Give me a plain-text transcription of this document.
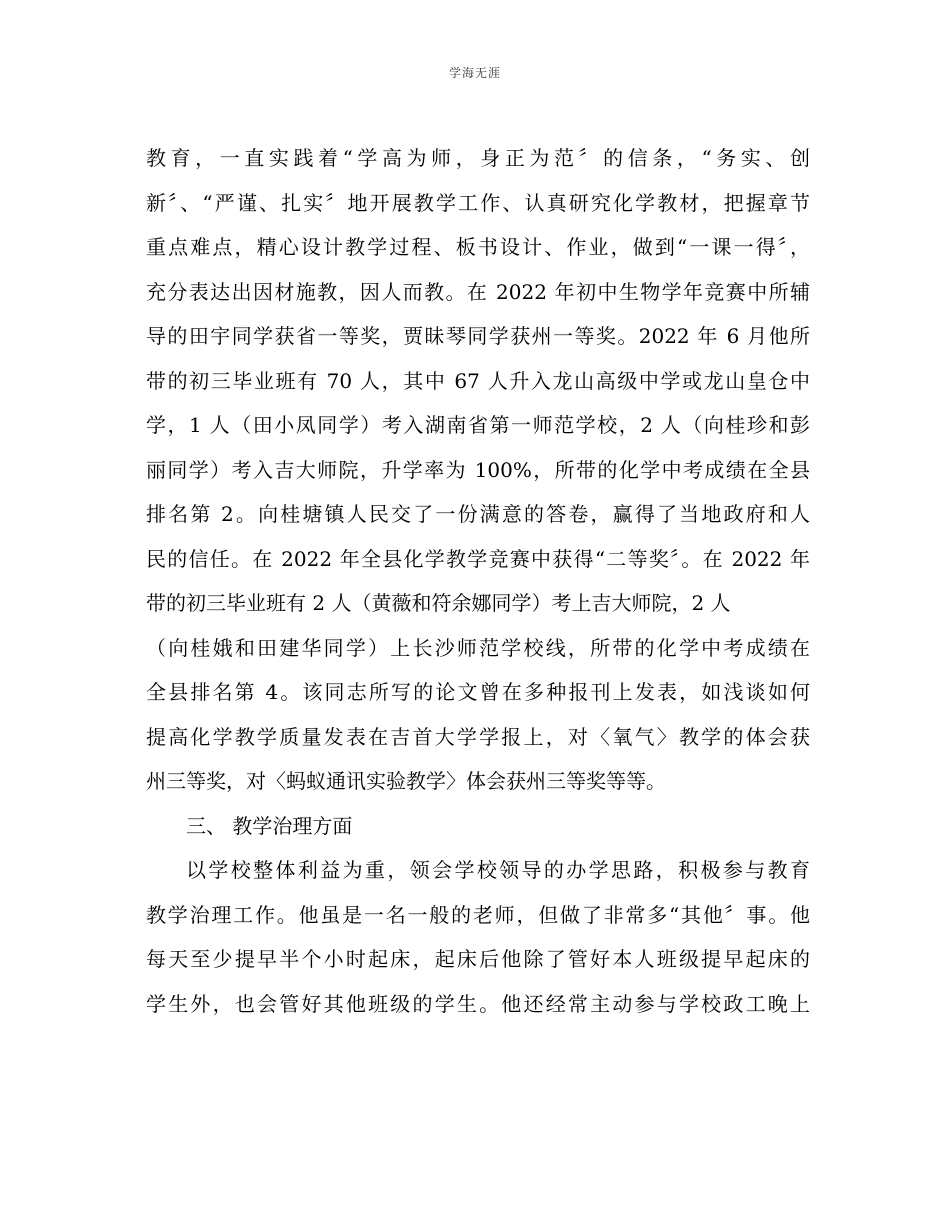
学海无涯
教育，一直实践着“学高为师，身正为范〞的信条，“务实、创
新〞、“严谨、扎实〞地开展教学工作、认真研究化学教材，把握章节
重点难点，精心设计教学过程、板书设计、作业，做到“一课一得〞，
充分表达出因材施教，因人而教。在 2022 年初中生物学年竞赛中所辅
导的田宇同学获省一等奖，贾昧琴同学获州一等奖。2022 年 6 月他所
带的初三毕业班有 70 人，其中 67 人升入龙山高级中学或龙山皇仓中
学，1 人（田小凤同学）考入湖南省第一师范学校，2 人（向桂珍和彭
丽同学）考入吉大师院，升学率为 100%，所带的化学中考成绩在全县
排名第 2。向桂塘镇人民交了一份满意的答卷，赢得了当地政府和人
民的信任。在 2022 年全县化学教学竞赛中获得“二等奖〞。在 2022 年
带的初三毕业班有 2 人（黄薇和符余娜同学）考上吉大师院，2 人
（向桂娥和田建华同学）上长沙师范学校线，所带的化学中考成绩在
全县排名第 4。该同志所写的论文曾在多种报刊上发表，如浅谈如何
提高化学教学质量发表在吉首大学学报上，对〈氧气〉教学的体会获
州三等奖，对〈蚂蚁通讯实验教学〉体会获州三等奖等等。
三、 教学治理方面
以学校整体利益为重，领会学校领导的办学思路，积极参与教育
教学治理工作。他虽是一名一般的老师，但做了非常多“其他〞事。他
每天至少提早半个小时起床，起床后他除了管好本人班级提早起床的
学生外，也会管好其他班级的学生。他还经常主动参与学校政工晚上
